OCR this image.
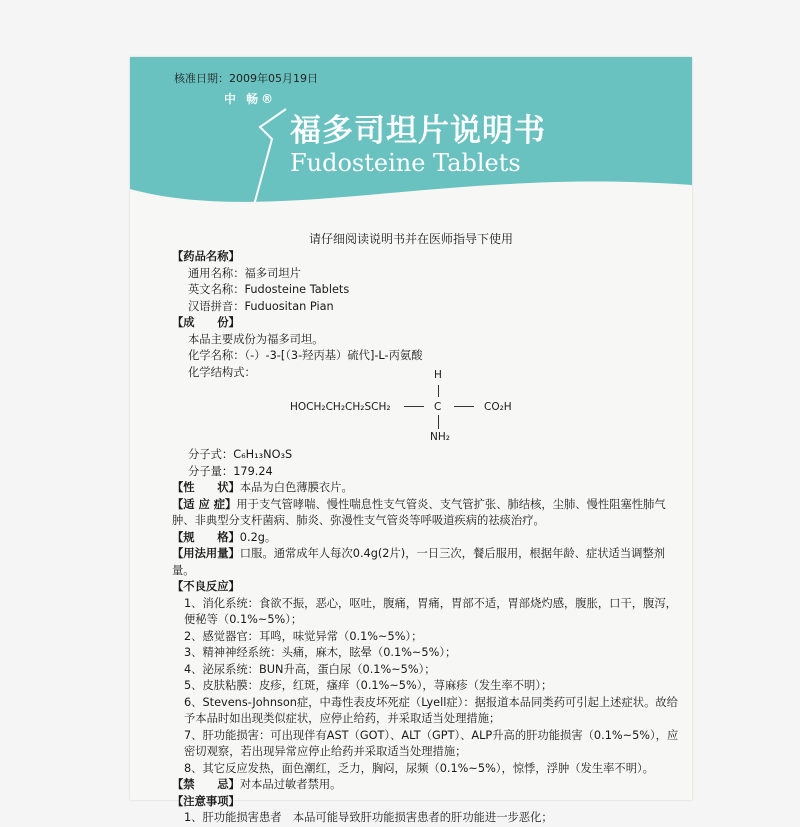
核准日期：2009年05月19日
中 畅®
福多司坦片说明书
Fudosteine Tablets
请仔细阅读说明书并在医师指导下使用
【药品名称】
通用名称：福多司坦片
英文名称：Fudosteine Tablets
汉语拼音：Fuduositan Pian
【成　　份】
本品主要成份为福多司坦。
化学名称：（-）-3-[（3-羟丙基）硫代]-L-丙氨酸
化学结构式：	H
HOCH₂CH₂CH₂SCH₂	C	CO₂H
NH₂
分子式：C₆H₁₃NO₃S
分子量：179.24
【性　　状】本品为白色薄膜衣片。
【适 应 症】用于支气管哮喘、慢性喘息性支气管炎、支气管扩张、肺结核，尘肺、慢性阻塞性肺气肿、非典型分支杆菌病、肺炎、弥漫性支气管炎等呼吸道疾病的祛痰治疗。
【规　　格】0.2g。
【用法用量】口服。通常成年人每次0.4g(2片)，一日三次，餐后服用，根据年龄、症状适当调整剂量。
【不良反应】
1、消化系统：食欲不振，恶心，呕吐，腹痛，胃痛，胃部不适，胃部烧灼感，腹胀，口干，腹泻，便秘等（0.1%~5%）；
2、感觉器官：耳鸣，味觉异常（0.1%~5%）；
3、精神神经系统：头痛，麻木，眩晕（0.1%~5%）；
4、泌尿系统：BUN升高，蛋白尿（0.1%~5%）；
5、皮肤粘膜：皮疹，红斑，瘙痒（0.1%~5%），荨麻疹（发生率不明）；
6、Stevens-Johnson症，中毒性表皮坏死症（Lyell症）：据报道本品同类药可引起上述症状。故给予本品时如出现类似症状，应停止给药，并采取适当处理措施；
7、肝功能损害：可出现伴有AST（GOT）、ALT（GPT）、ALP升高的肝功能损害（0.1%~5%），应密切观察，若出现异常应停止给药并采取适当处理措施；
8、其它反应发热，面色潮红，乏力，胸闷，尿频（0.1%~5%），惊悸，浮肿（发生率不明）。
【禁　　忌】对本品过敏者禁用。
【注意事项】
1、肝功能损害患者　本品可能导致肝功能损害患者的肝功能进一步恶化；
